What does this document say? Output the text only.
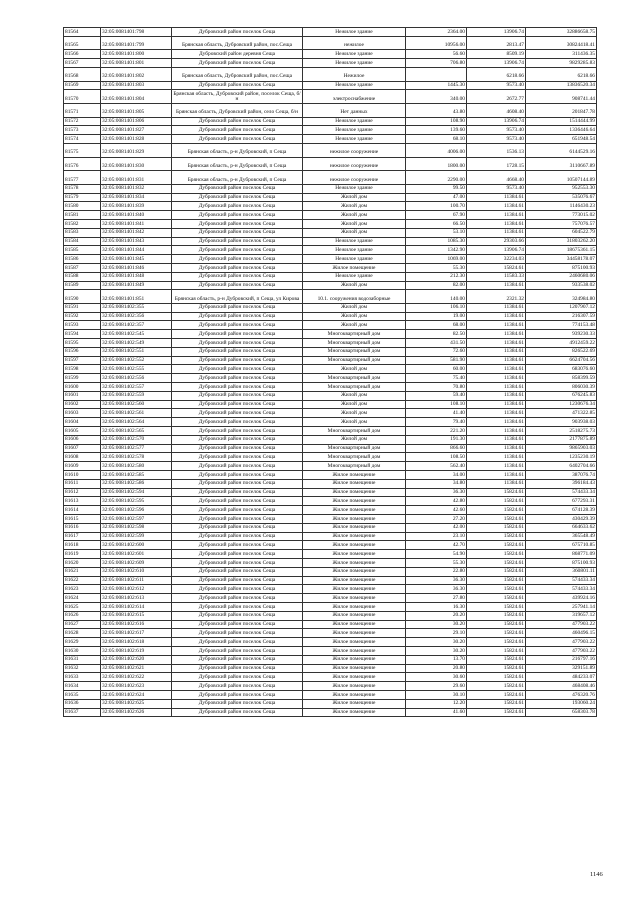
81564	32:05:0081401:798	Дубровский район поселок Сеща	Нежилое здание	2364.00	13906.74	32886658.75
81565	32:05:0081401:799	Брянская область, Дубровский район, пос.Сеща	нежилое	10956.00	2813.47	30824418.41
81566	32:05:0081401:800	Дубровский район деревня Сеща	Нежилое здание	56.60	8509.19	311436.35
81567	32:05:0081401:801	Дубровский район поселок Сеща	Нежилое здание	706.80	13906.74	9829285.83
81568	32:05:0081401:802	Брянская область, Дубровский район, пос.Сеща	Нежилое		6218.66	6218.66
81569	32:05:0081401:803	Дубровский район поселок Сеща	Нежилое здание	1445.30	9573.40	13836520.34
81570	32:05:0081401:804	Брянская область, Дубровский район, поселок Сеща, б/н	электроснабжение	340.00	2672.77	908741.44
81571	32:05:0081401:805	Брянская область, Дубровский район, село Сеща, б/н	Нет данных	43.80	4608.40	201847.78
81572	32:05:0081401:806	Дубровский район поселок Сеща	Нежилое здание	108.90	13906.74	1514444.99
81573	32:05:0081401:827	Дубровский район поселок Сеща	Нежилое здание	139.60	9573.40	1336446.64
81574	32:05:0081401:828	Дубровский район поселок Сеща	Нежилое здание	68.10	9573.40	651948.54
81575	32:05:0081401:829	Брянская область, р-н Дубровский, п Сеща	нежилое сооружение	4006.00	1536.13	6144529.16
81576	32:05:0081401:830	Брянская область, р-н Дубровский, п Сеща	нежилое сооружение	1800.00	1728.15	3110667.89
81577	32:05:0081401:831	Брянская область, р-н Дубровский, п Сеща	нежилое сооружение	2290.00	4668.40	10507144.89
81578	32:05:0081401:832	Дубровский район поселок Сеща	Нежилое здание	99.50	9573.40	952553.30
81579	32:05:0081401:834	Дубровский район поселок Сеща	Жилой дом	47.00	11384.61	535076.67
81580	32:05:0081401:839	Дубровский район поселок Сеща	Жилой дом	100.70	11384.61	1146430.23
81581	32:05:0081401:840	Дубровский район поселок Сеща	Жилой дом	67.90	11384.61	773015.02
81582	32:05:0081401:841	Дубровский район поселок Сеща	Жилой дом	66.50	11384.61	757076.57
81583	32:05:0081401:842	Дубровский район поселок Сеща	Жилой дом	53.10	11384.61	604522.79
81584	32:05:0081401:843	Дубровский район поселок Сеща	Нежилое здание	1085.30	29303.66	31803262.20
81585	32:05:0081401:844	Дубровский район поселок Сеща	Нежилое здание	1342.90	13906.74	18675361.15
81586	32:05:0081401:845	Дубровский район поселок Сеща	Нежилое здание	1069.00	32234.03	34458178.07
81587	32:05:0081401:846	Дубровский район поселок Сеща	Жилое помещение	55.30	15824.61	875100.93
81588	32:05:0081401:848	Дубровский район поселок Сеща	Нежилое здание	212.30	11583.33	2460680.06
81589	32:05:0081401:849	Дубровский район поселок Сеща	Жилой дом	82.00	11384.61	933538.02
81590	32:05:0081401:851	Брянская область, р-н Дубровский, п Сеща, ул Кирова	10.1. сооружения водозаборные	140.00	2321.32	324984.80
81591	32:05:0081402:355	Дубровский район поселок Сеща	Жилой дом	106.10	11384.61	1207907.12
81592	32:05:0081402:356	Дубровский район поселок Сеща	Жилой дом	19.00	11384.61	216307.59
81593	32:05:0081402:357	Дубровский район поселок Сеща	Жилой дом	68.00	11384.61	774153.48
81594	32:05:0081402:545	Дубровский район поселок Сеща	Многоквартирный дом	82.50	11384.61	939230.33
81595	32:05:0081402:549	Дубровский район поселок Сеща	Многоквартирный дом	431.50	11384.61	4912459.22
81596	32:05:0081402:551	Дубровский район поселок Сеща	Многоквартирный дом	72.60	11384.61	826522.69
81597	32:05:0081402:552	Дубровский район поселок Сеща	Многоквартирный дом	581.90	11384.61	6624704.56
81598	32:05:0081402:555	Дубровский район поселок Сеща	Жилой дом	60.00	11384.61	683076.60
81599	32:05:0081402:556	Дубровский район поселок Сеща	Многоквартирный дом	75.40	11384.61	858399.59
81600	32:05:0081402:557	Дубровский район поселок Сеща	Многоквартирный дом	70.80	11384.61	806030.39
81601	32:05:0081402:559	Дубровский район поселок Сеща	Жилой дом	59.40	11384.61	676245.83
81602	32:05:0081402:560	Дубровский район поселок Сеща	Жилой дом	108.10	11384.61	1230676.34
81603	32:05:0081402:561	Дубровский район поселок Сеща	Жилой дом	41.40	11384.61	471322.85
81604	32:05:0081402:564	Дубровский район поселок Сеща	Жилой дом	79.40	11384.61	903938.03
81605	32:05:0081402:565	Дубровский район поселок Сеща	Многоквартирный дом	221.20	11384.61	2518275.73
81606	32:05:0081402:570	Дубровский район поселок Сеща	Жилой дом	191.30	11384.61	2177875.89
81607	32:05:0081402:577	Дубровский район поселок Сеща	Многоквартирный дом	866.60	11384.61	9865903.03
81608	32:05:0081402:578	Дубровский район поселок Сеща	Многоквартирный дом	108.50	11384.61	1235230.19
81609	32:05:0081402:580	Дубровский район поселок Сеща	Многоквартирный дом	562.40	11384.61	6402704.66
81610	32:05:0081402:585	Дубровский район поселок Сеща	Жилое помещение	34.00	11384.61	387076.74
81611	32:05:0081402:586	Дубровский район поселок Сеща	Жилое помещение	34.80	11384.61	396184.43
81612	32:05:0081402:594	Дубровский район поселок Сеща	Жилое помещение	36.30	15824.61	574433.34
81613	32:05:0081402:595	Дубровский район поселок Сеща	Жилое помещение	42.80	15824.61	677293.31
81614	32:05:0081402:596	Дубровский район поселок Сеща	Жилое помещение	42.60	15824.61	674128.39
81615	32:05:0081402:597	Дубровский район поселок Сеща	Жилое помещение	27.20	15824.61	430429.39
81616	32:05:0081402:598	Дубровский район поселок Сеща	Жилое помещение	42.00	15824.61	664633.62
81617	32:05:0081402:599	Дубровский район поселок Сеща	Жилое помещение	23.10	15824.61	365548.49
81618	32:05:0081402:600	Дубровский район поселок Сеща	Жилое помещение	42.70	15824.61	675710.85
81619	32:05:0081402:601	Дубровский район поселок Сеща	Жилое помещение	54.90	15824.61	868771.09
81620	32:05:0081402:609	Дубровский район поселок Сеща	Жилое помещение	55.30	15824.61	875100.93
81621	32:05:0081402:610	Дубровский район поселок Сеща	Жилое помещение	22.80	15824.61	360801.11
81622	32:05:0081402:611	Дубровский район поселок Сеща	Жилое помещение	36.30	15824.61	574433.34
81623	32:05:0081402:612	Дубровский район поселок Сеща	Жилое помещение	36.30	15824.61	574433.34
81624	32:05:0081402:613	Дубровский район поселок Сеща	Жилое помещение	27.80	15824.61	439924.16
81625	32:05:0081402:614	Дубровский район поселок Сеща	Жилое помещение	16.30	15824.61	257941.14
81626	32:05:0081402:615	Дубровский район поселок Сеща	Жилое помещение	20.20	15824.61	319657.12
81627	32:05:0081402:616	Дубровский район поселок Сеща	Жилое помещение	30.20	15824.61	477903.22
81628	32:05:0081402:617	Дубровский район поселок Сеща	Жилое помещение	29.10	15824.61	460496.15
81629	32:05:0081402:618	Дубровский район поселок Сеща	Жилое помещение	30.20	15824.61	477903.22
81630	32:05:0081402:619	Дубровский район поселок Сеща	Жилое помещение	30.20	15824.61	477903.22
81631	32:05:0081402:620	Дубровский район поселок Сеща	Жилое помещение	13.70	15824.61	216797.16
81632	32:05:0081402:621	Дубровский район поселок Сеща	Жилое помещение	20.80	15824.61	329151.89
81633	32:05:0081402:622	Дубровский район поселок Сеща	Жилое помещение	30.60	15824.61	484233.07
81634	32:05:0081402:623	Дубровский район поселок Сеща	Жилое помещение	29.60	15824.61	468408.46
81635	32:05:0081402:624	Дубровский район поселок Сеща	Жилое помещение	30.10	15824.61	476320.76
81636	32:05:0081402:625	Дубровский район поселок Сеща	Жилое помещение	12.20	15824.61	193060.24
81637	32:05:0081402:626	Дубровский район поселок Сеща	Жилое помещение	41.60	15824.61	658303.78
1146
